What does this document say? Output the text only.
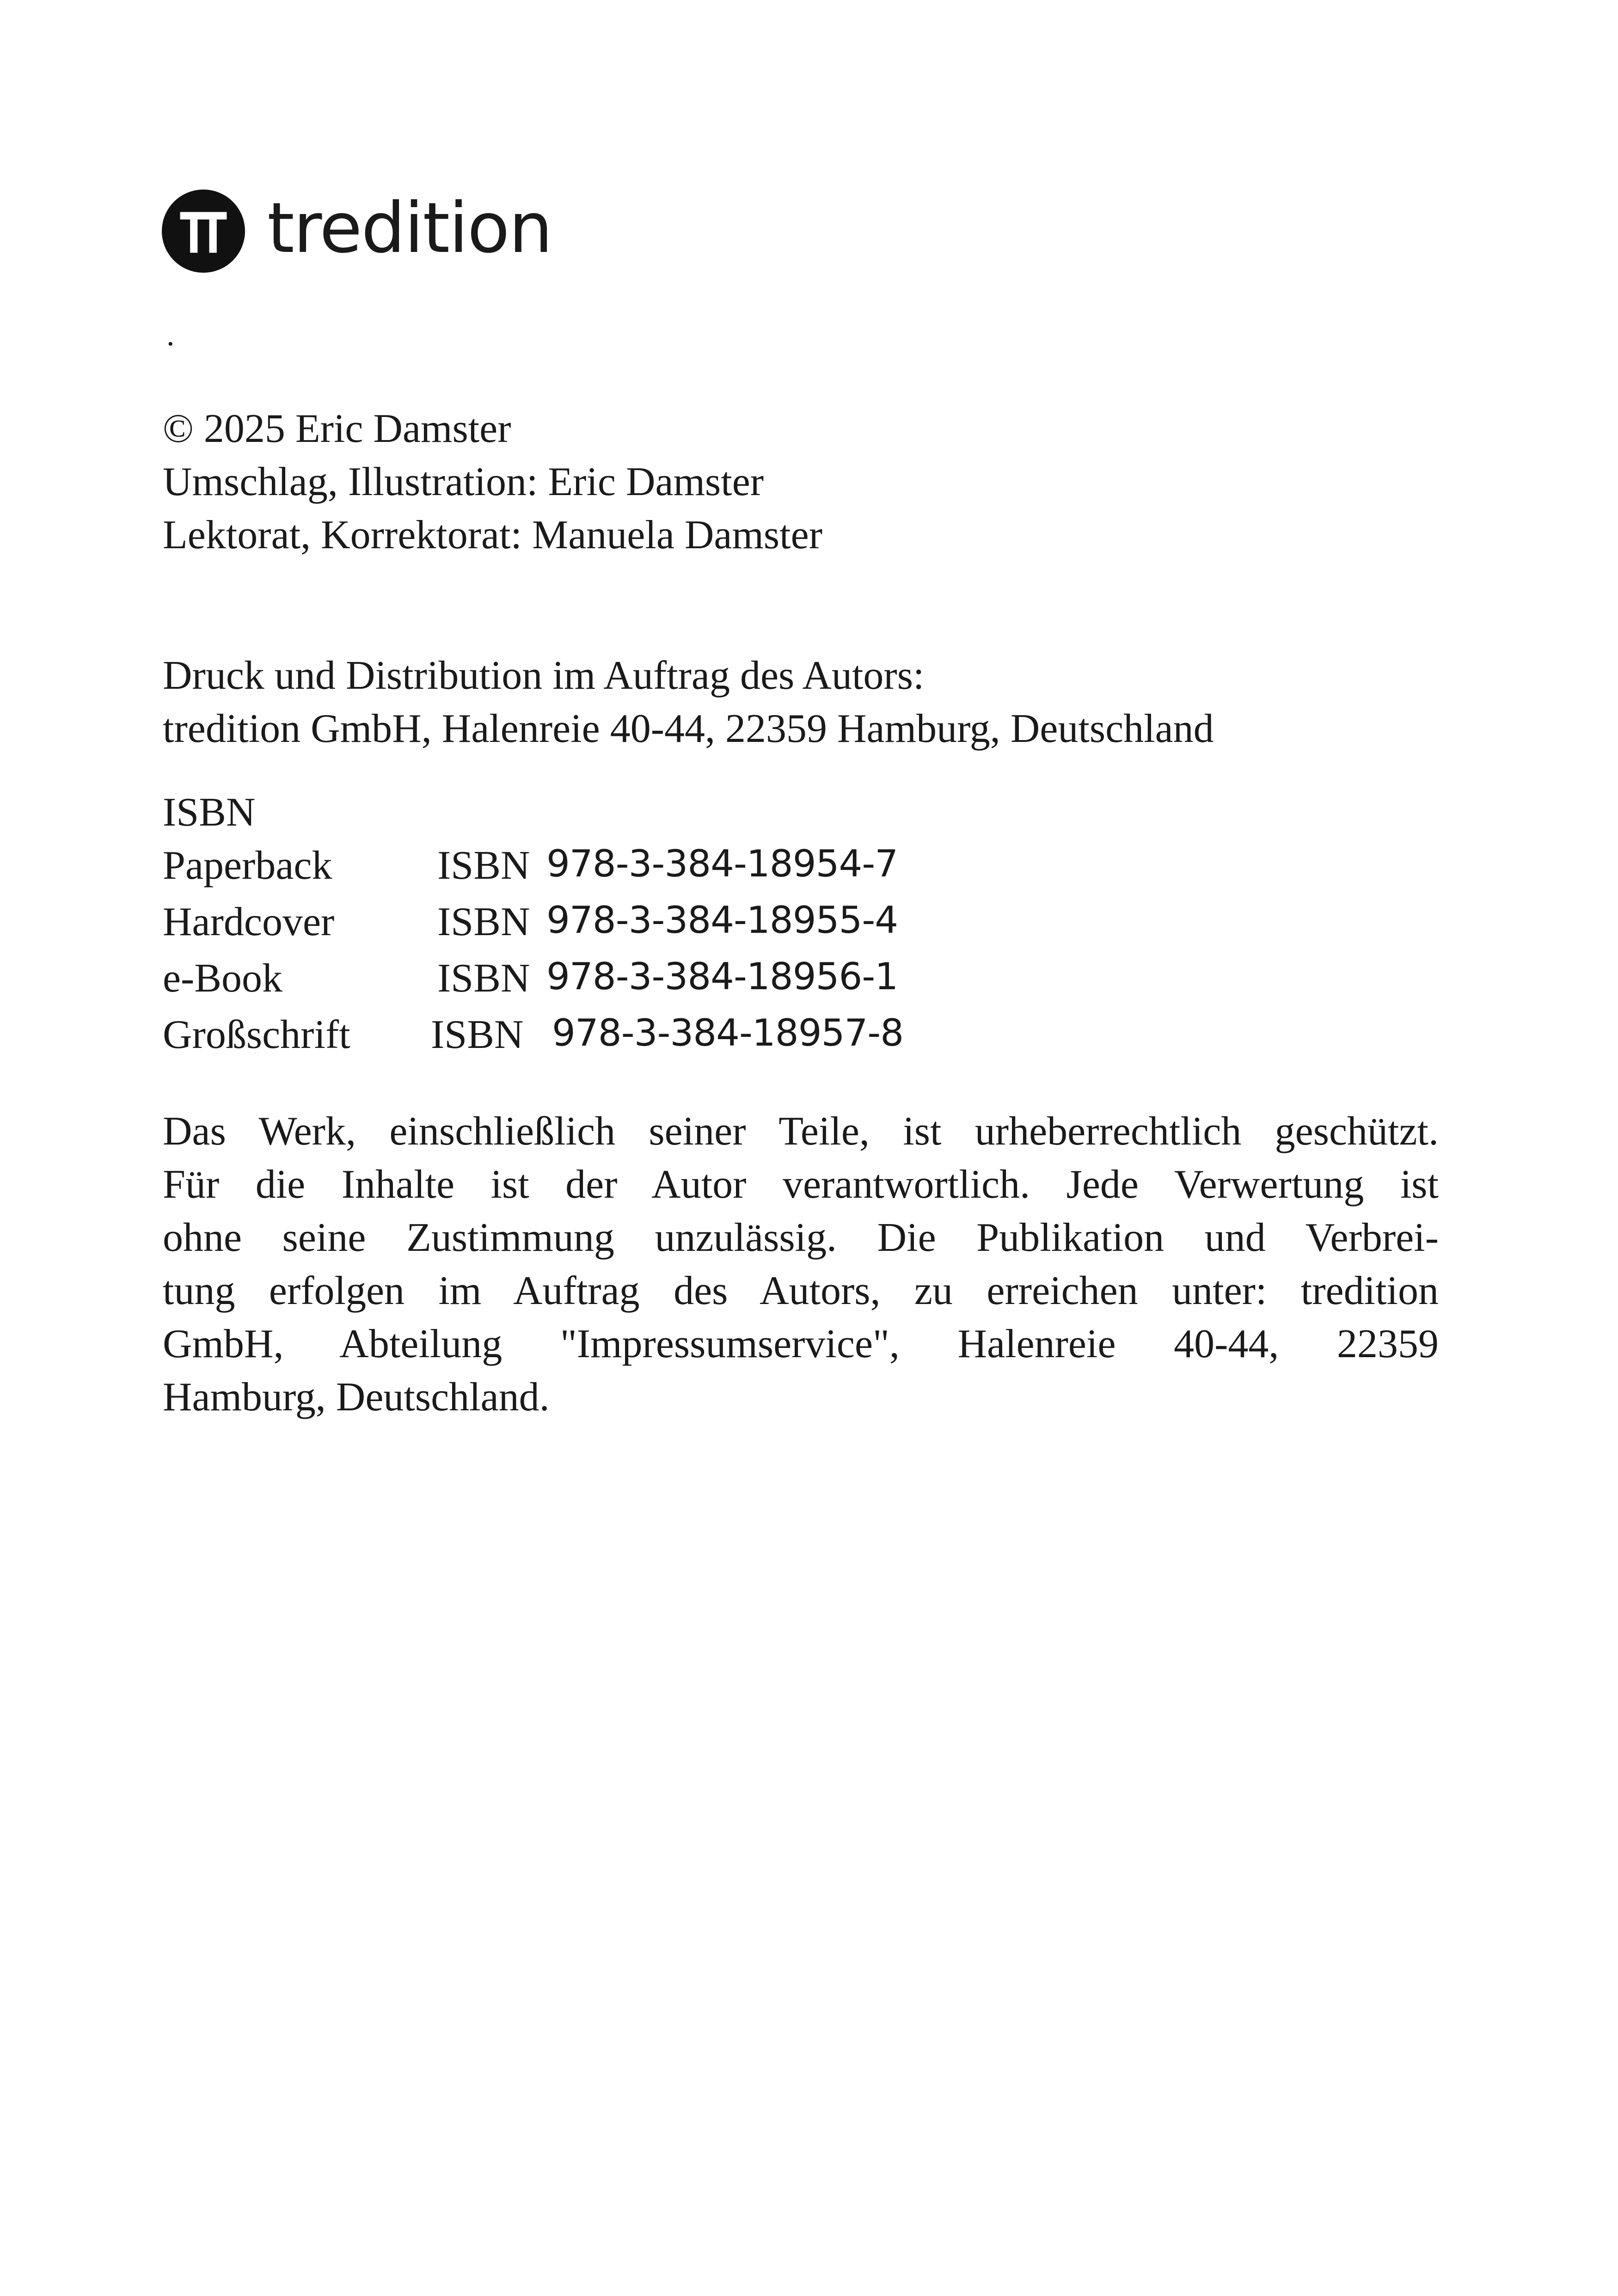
tredition
.
© 2025 Eric Damster
Umschlag, Illustration: Eric Damster
Lektorat, Korrektorat: Manuela Damster
Druck und Distribution im Auftrag des Autors:
tredition GmbH, Halenreie 40-44, 22359 Hamburg, Deutschland
ISBN
Paperback	ISBN 978-3-384-18954-7
Hardcover	ISBN 978-3-384-18955-4
e-Book	ISBN 978-3-384-18956-1
Großschrift ISBN 978-3-384-18957-8
Das Werk, einschließlich seiner Teile, ist urheberrechtlich geschützt.
Für die Inhalte ist der Autor verantwortlich. Jede Verwertung ist
ohne seine Zustimmung unzulässig. Die Publikation und Verbrei-
tung erfolgen im Auftrag des Autors, zu erreichen unter: tredition
GmbH, Abteilung "Impressumservice", Halenreie 40-44, 22359
Hamburg, Deutschland.
